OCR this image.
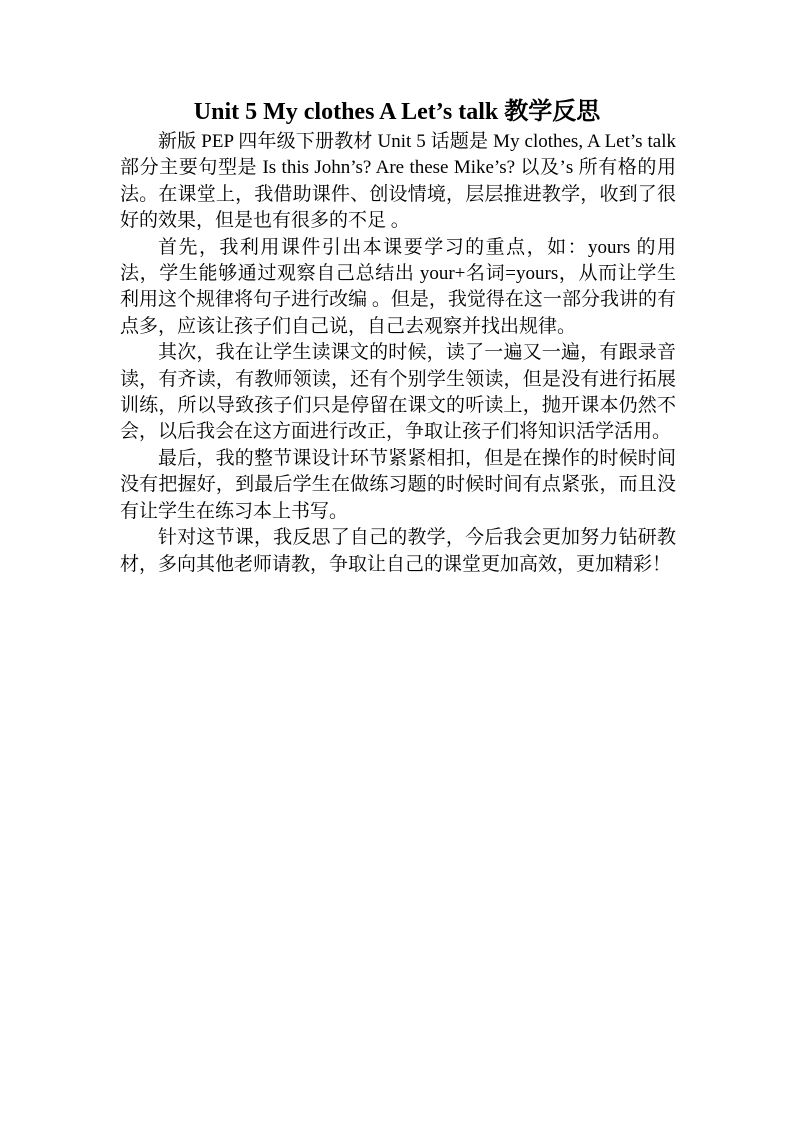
Unit 5 My clothes A Let’s talk 教学反思

新版 PEP 四年级下册教材 Unit 5 话题是 My clothes, A Let’s talk 部分主要句型是 Is this John’s? Are these Mike’s? 以及’s 所有格的用法。在课堂上，我借助课件、创设情境，层层推进教学，收到了很好的效果，但是也有很多的不足 。

首先，我利用课件引出本课要学习的重点，如：yours 的用法，学生能够通过观察自己总结出 your+名词=yours，从而让学生利用这个规律将句子进行改编 。但是，我觉得在这一部分我讲的有点多，应该让孩子们自己说，自己去观察并找出规律。

其次，我在让学生读课文的时候，读了一遍又一遍，有跟录音读，有齐读，有教师领读，还有个别学生领读，但是没有进行拓展训练，所以导致孩子们只是停留在课文的听读上，抛开课本仍然不会，以后我会在这方面进行改正，争取让孩子们将知识活学活用。

最后，我的整节课设计环节紧紧相扣，但是在操作的时候时间没有把握好，到最后学生在做练习题的时候时间有点紧张，而且没有让学生在练习本上书写。

针对这节课，我反思了自己的教学，今后我会更加努力钻研教材，多向其他老师请教，争取让自己的课堂更加高效，更加精彩！
